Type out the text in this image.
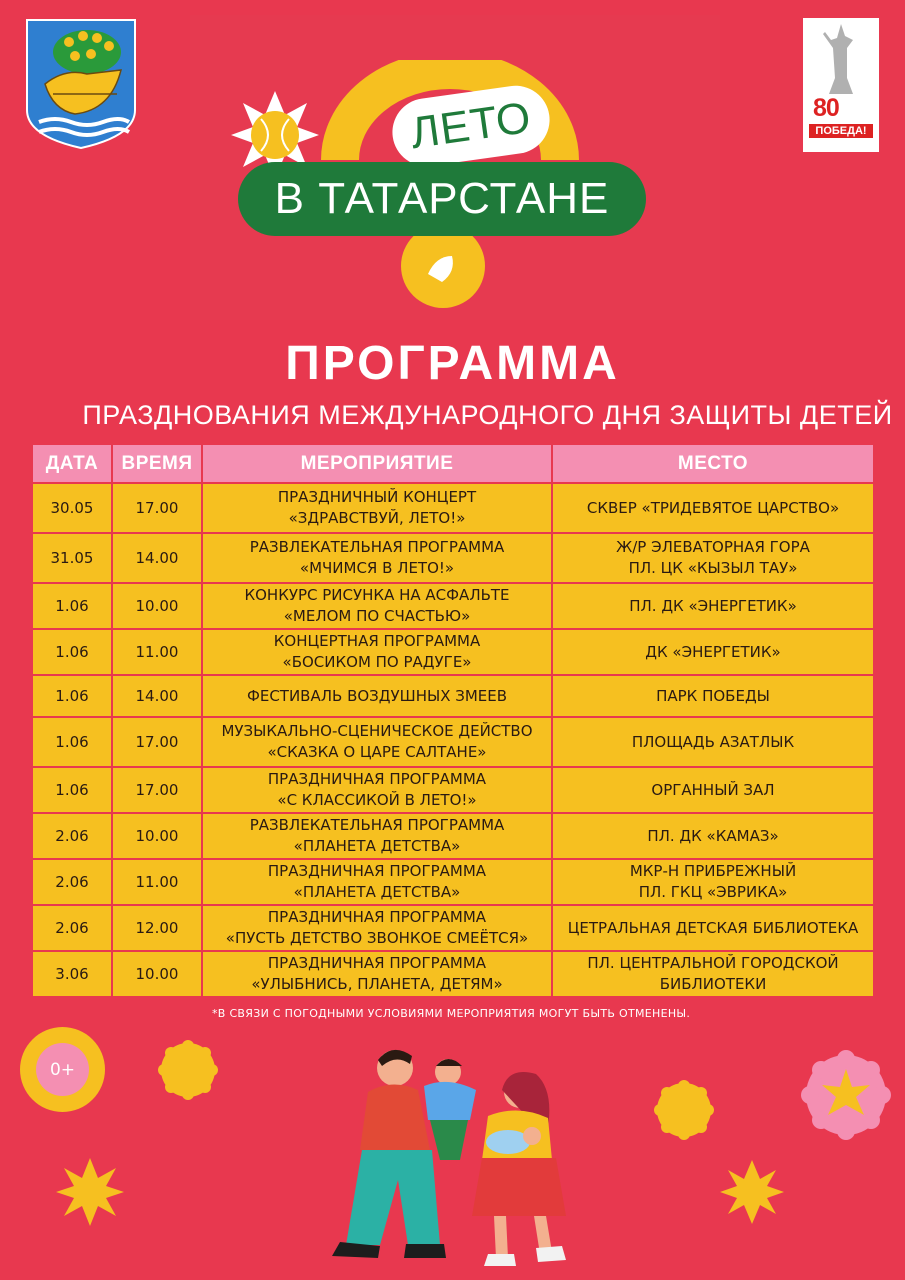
80
ПОБЕДА!
ЛЕТО
В ТАТАРСТАНЕ
ПРОГРАММА
ПРАЗДНОВАНИЯ МЕЖДУНАРОДНОГО ДНЯ ЗАЩИТЫ ДЕТЕЙ
ДАТА	ВРЕМЯ	МЕРОПРИЯТИЕ	МЕСТО
30.05	17.00	ПРАЗДНИЧНЫЙ КОНЦЕРТ
«ЗДРАВСТВУЙ, ЛЕТО!»	СКВЕР «ТРИДЕВЯТОЕ ЦАРСТВО»

31.05	14.00	РАЗВЛЕКАТЕЛЬНАЯ ПРОГРАММА
«МЧИМСЯ В ЛЕТО!»	Ж/Р ЭЛЕВАТОРНАЯ ГОРА
ПЛ. ЦК «КЫЗЫЛ ТАУ»

1.06	10.00	КОНКУРС РИСУНКА НА АСФАЛЬТЕ
«МЕЛОМ ПО СЧАСТЬЮ»	ПЛ. ДК «ЭНЕРГЕТИК»

1.06	11.00	КОНЦЕРТНАЯ ПРОГРАММА
«БОСИКОМ ПО РАДУГЕ»	ДК «ЭНЕРГЕТИК»

1.06	14.00	ФЕСТИВАЛЬ ВОЗДУШНЫХ ЗМЕЕВ	ПАРК ПОБЕДЫ

1.06	17.00	МУЗЫКАЛЬНО-СЦЕНИЧЕСКОЕ ДЕЙСТВО
«СКАЗКА О ЦАРЕ САЛТАНЕ»	ПЛОЩАДЬ АЗАТЛЫК

1.06	17.00	ПРАЗДНИЧНАЯ ПРОГРАММА
«С КЛАССИКОЙ В ЛЕТО!»	ОРГАННЫЙ ЗАЛ

2.06	10.00	РАЗВЛЕКАТЕЛЬНАЯ ПРОГРАММА
«ПЛАНЕТА ДЕТСТВА»	ПЛ. ДК «КАМАЗ»

2.06	11.00	ПРАЗДНИЧНАЯ ПРОГРАММА
«ПЛАНЕТА ДЕТСТВА»	МКР-Н ПРИБРЕЖНЫЙ
ПЛ. ГКЦ «ЭВРИКА»

2.06	12.00	ПРАЗДНИЧНАЯ ПРОГРАММА
«ПУСТЬ ДЕТСТВО ЗВОНКОЕ СМЕЁТСЯ»	ЦЕТРАЛЬНАЯ ДЕТСКАЯ БИБЛИОТЕКА

3.06	10.00	ПРАЗДНИЧНАЯ ПРОГРАММА
«УЛЫБНИСЬ, ПЛАНЕТА, ДЕТЯМ»	ПЛ. ЦЕНТРАЛЬНОЙ ГОРОДСКОЙ
БИБЛИОТЕКИ
*В СВЯЗИ С ПОГОДНЫМИ УСЛОВИЯМИ МЕРОПРИЯТИЯ МОГУТ БЫТЬ ОТМЕНЕНЫ.
0+
